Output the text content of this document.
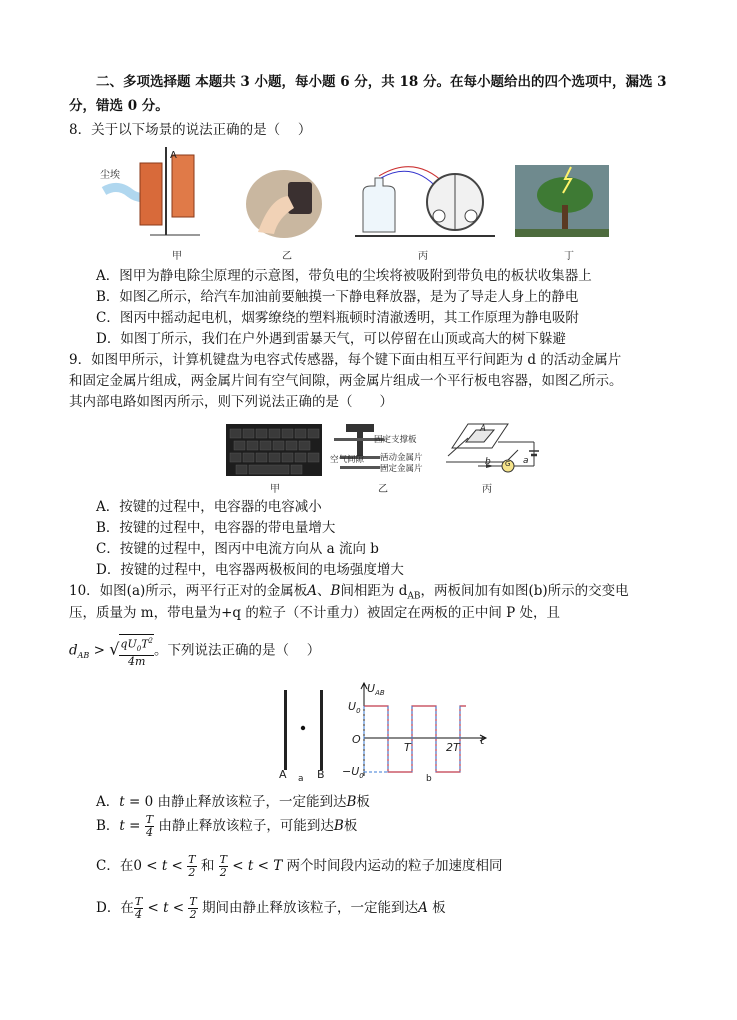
二、多项选择题 本题共 3 小题，每小题 6 分，共 18 分。在每小题给出的四个选项中，漏选 3
分，错选 0 分。
8．关于以下场景的说法正确的是（　 ）
尘埃
A
甲	乙	丙	丁
A．图甲为静电除尘原理的示意图，带负电的尘埃将被吸附到带负电的板状收集器上
B．如图乙所示，给汽车加油前要触摸一下静电释放器，是为了导走人身上的静电
C．图丙中摇动起电机，烟雾缭绕的塑料瓶顿时清澈透明，其工作原理为静电吸附
D．如图丁所示，我们在户外遇到雷暴天气，可以停留在山顶或高大的树下躲避
9．如图甲所示，计算机键盘为电容式传感器，每个键下面由相互平行间距为 d 的活动金属片
和固定金属片组成，两金属片间有空气间隙，两金属片组成一个平行板电容器，如图乙所示。
其内部电路如图丙所示，则下列说法正确的是（　　）
固定支撑板
空气间隙 活动金属片
固定金属片
A
b	a
G
甲	乙	丙
A．按键的过程中，电容器的电容减小
B．按键的过程中，电容器的带电量增大
C．按键的过程中，图丙中电流方向从 a 流向 b
D．按键的过程中，电容器两极板间的电场强度增大
10．如图(a)所示，两平行正对的金属板A、B间相距为 $d_{AB}$，两板间加有如图(b)所示的交变电
压，质量为 m，带电量为+q 的粒子（不计重力）被固定在两板的正中间 P 处，且
$d_{AB}$ > √ $\frac{qU_0T^2}{4m}$ 。下列说法正确的是（　 ）
A	B
a
$U_{AB}$
$U_0$
O
$-U_0$
T	2T
t
b
A．t = 0 由静止释放该粒子，一定能到达B板
B．$t = \frac{T}{4}$ 由静止释放该粒子，可能到达B板
C．在$0 < t < \frac{T}{2}$ 和 $\frac{T}{2} < t < T$ 两个时间段内运动的粒子加速度相同
D．在 $\frac{T}{4} < t < \frac{T}{2}$ 期间由静止释放该粒子，一定能到达A 板
